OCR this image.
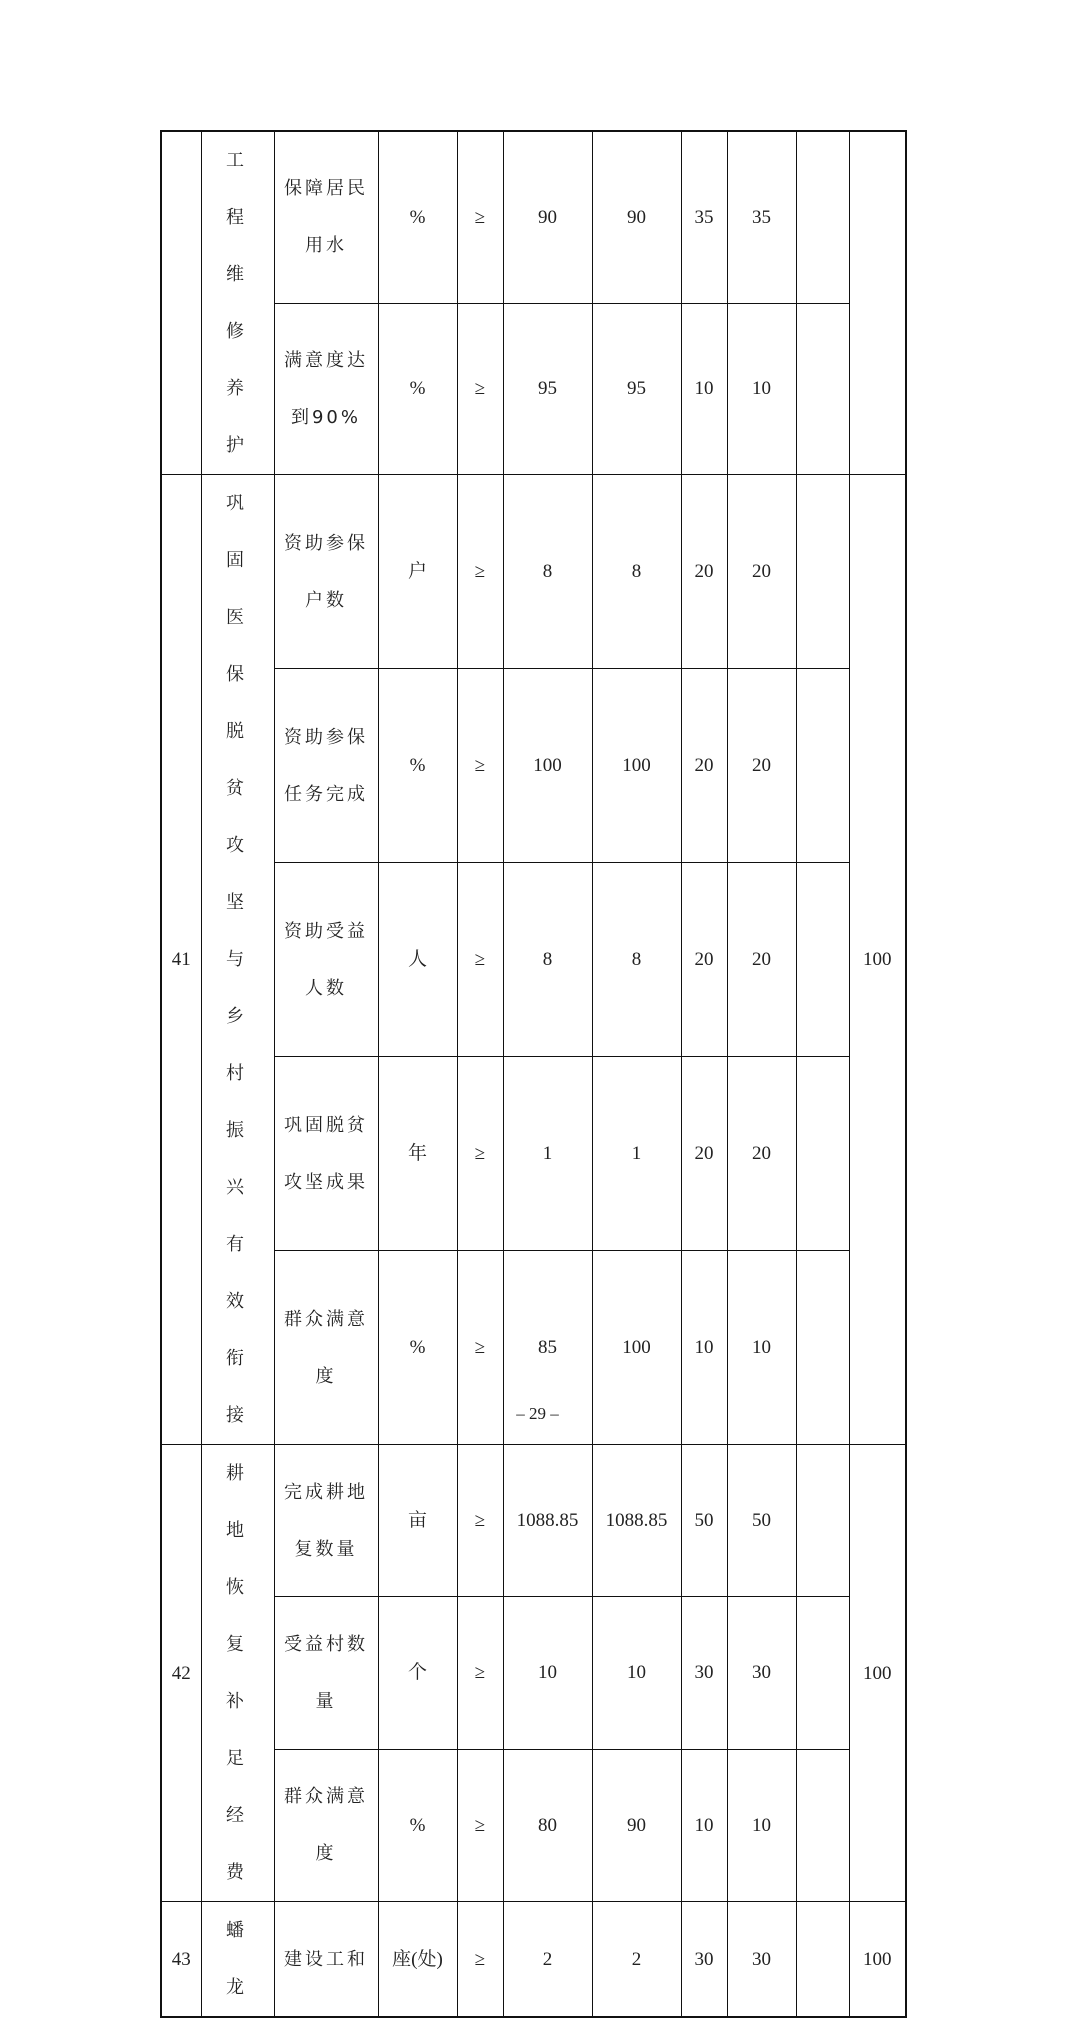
	工程维修养护	保障居民用水	%	≥	90	90	35	35		
		满意度达到90%	%	≥	95	95	10	10		
41	巩固医保脱贫攻坚与乡村振兴有效衔接	资助参保户数	户	≥	8	8	20	20		100
		资助参保任务完成	%	≥	100	100	20	20		
		资助受益人数	人	≥	8	8	20	20		
		巩固脱贫攻坚成果	年	≥	1	1	20	20		
		群众满意度	%	≥	85	100	10	10		
42	耕地恢复补足经费	完成耕地复数量	亩	≥	1088.85	1088.85	50	50		100
		受益村数量	个	≥	10	10	30	30		
		群众满意度	%	≥	80	90	10	10		
43	蟠龙	建设工和	座(处)	≥	2	2	30	30		100
– 29 –
